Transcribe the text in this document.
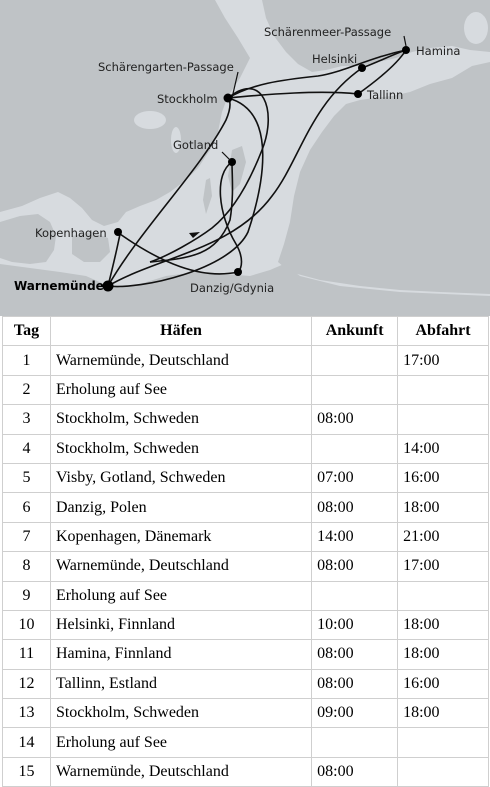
Schärenmeer-Passage
Hamina
Helsinki
Schärengarten-Passage
Stockholm	Tallinn
Gotland
Kopenhagen
Warnemünde	Danzig/Gdynia
Tag	Häfen	Ankunft	Abfahrt
1	Warnemünde, Deutschland		17:00
2	Erholung auf See		
3	Stockholm, Schweden	08:00	
4	Stockholm, Schweden		14:00
5	Visby, Gotland, Schweden	07:00	16:00
6	Danzig, Polen	08:00	18:00
7	Kopenhagen, Dänemark	14:00	21:00
8	Warnemünde, Deutschland	08:00	17:00
9	Erholung auf See		
10	Helsinki, Finnland	10:00	18:00
11	Hamina, Finnland	08:00	18:00
12	Tallinn, Estland	08:00	16:00
13	Stockholm, Schweden	09:00	18:00
14	Erholung auf See		
15	Warnemünde, Deutschland	08:00	
